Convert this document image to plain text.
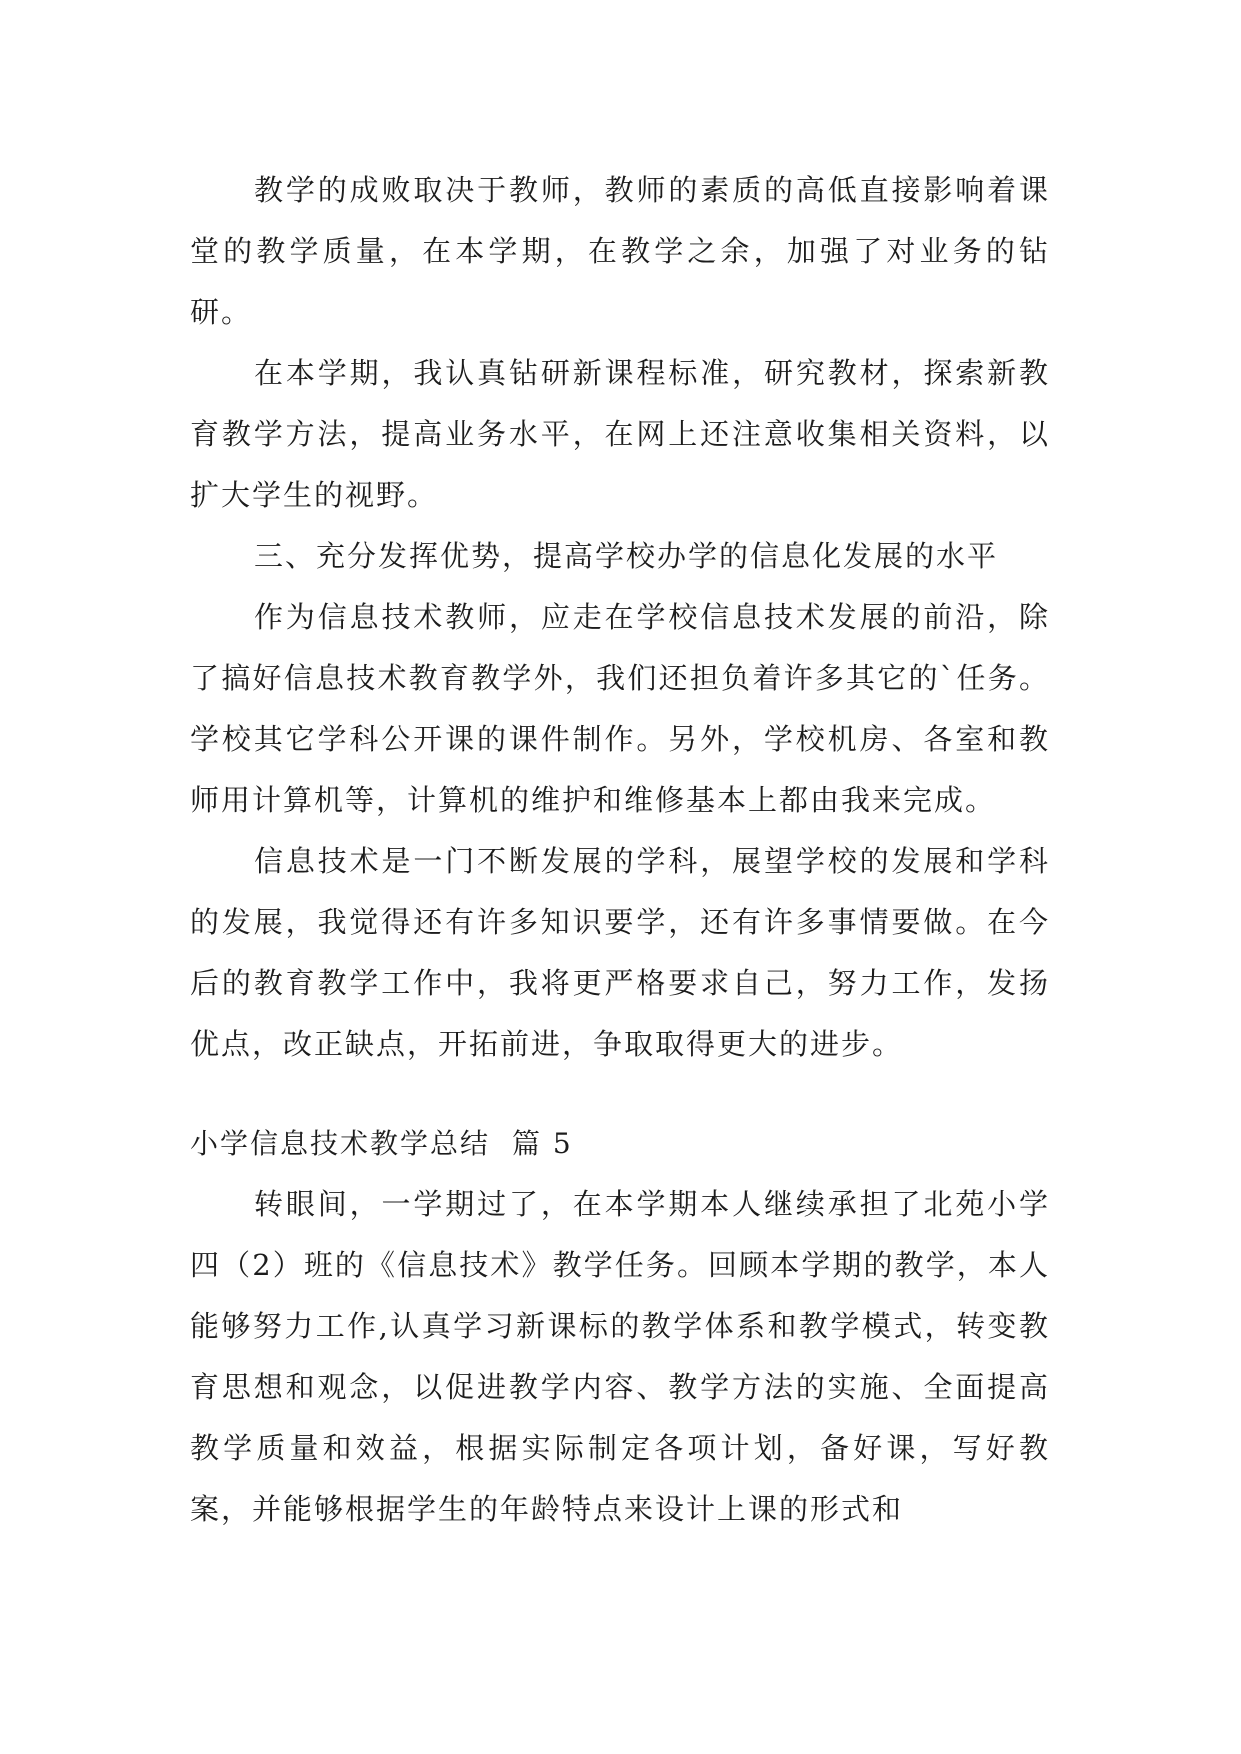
教学的成败取决于教师，教师的素质的高低直接影响着课堂的教学质量，在本学期，在教学之余，加强了对业务的钻研。

在本学期，我认真钻研新课程标准，研究教材，探索新教育教学方法，提高业务水平，在网上还注意收集相关资料，以扩大学生的视野。

三、充分发挥优势，提高学校办学的信息化发展的水平

作为信息技术教师，应走在学校信息技术发展的前沿，除了搞好信息技术教育教学外，我们还担负着许多其它的`任务。学校其它学科公开课的课件制作。另外，学校机房、各室和教师用计算机等，计算机的维护和维修基本上都由我来完成。

信息技术是一门不断发展的学科，展望学校的发展和学科的发展，我觉得还有许多知识要学，还有许多事情要做。在今后的教育教学工作中，我将更严格要求自己，努力工作，发扬优点，改正缺点，开拓前进，争取取得更大的进步。

小学信息技术教学总结 篇 5

转眼间，一学期过了，在本学期本人继续承担了北苑小学四（2）班的《信息技术》教学任务。回顾本学期的教学，本人能够努力工作,认真学习新课标的教学体系和教学模式，转变教育思想和观念，以促进教学内容、教学方法的实施、全面提高教学质量和效益，根据实际制定各项计划，备好课，写好教案，并能够根据学生的年龄特点来设计上课的形式和
